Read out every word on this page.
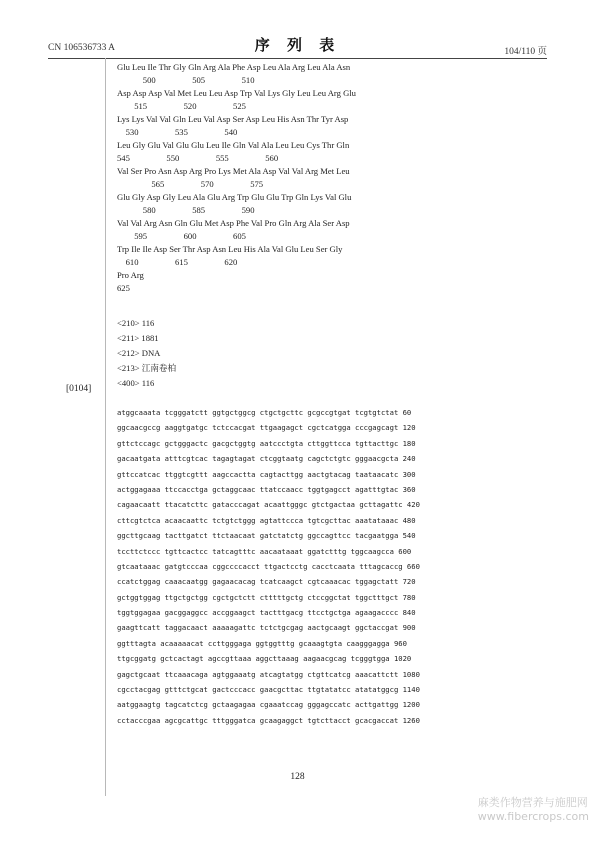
CN 106536733 A	序 列 表	104/110 页
[0104]
Glu Leu Ile Thr Gly Gln Arg Ala Phe Asp Leu Ala Arg Leu Ala Asn
500                 505                 510
Asp Asp Asp Val Met Leu Leu Asp Trp Val Lys Gly Leu Leu Arg Glu
515                 520                 525
Lys Lys Val Val Gln Leu Val Asp Ser Asp Leu His Asn Thr Tyr Asp
530                 535                 540
Leu Gly Glu Val Glu Glu Leu Ile Gln Val Ala Leu Leu Cys Thr Gln
545                 550                 555                 560
Val Ser Pro Asn Asp Arg Pro Lys Met Ala Asp Val Val Arg Met Leu
565                 570                 575
Glu Gly Asp Gly Leu Ala Glu Arg Trp Glu Glu Trp Gln Lys Val Glu
580                 585                 590
Val Val Arg Asn Gln Glu Met Asp Phe Val Pro Gln Arg Ala Ser Asp
595                 600                 605
Trp Ile Ile Asp Ser Thr Asp Asn Leu His Ala Val Glu Leu Ser Gly
610                 615                 620
Pro Arg
625
<210> 116
<211> 1881
<212> DNA
<213> 江南卷柏
<400> 116
atggcaaata tcgggatctt ggtgctggcg ctgctgcttc gcgccgtgat tcgtgtctat 60
ggcaacgccg aaggtgatgc tctccacgat ttgaagagct cgctcatgga cccgagcagt 120
gttctccagc gctgggactc gacgctggtg aatccctgta cttggttcca tgttacttgc 180
gacaatgata atttcgtcac tagagtagat ctcggtaatg cagctctgtc gggaacgcta 240
gttccatcac ttggtcgttt aagccactta cagtacttgg aactgtacag taataacatc 300
actggagaaa ttccacctga gctaggcaac ttatccaacc tggtgagcct agatttgtac 360
cagaacaatt ttacatcttc gatacccagat acaattgggc gtctgactaa gcttagattc 420
cttcgtctca acaacaattc tctgtctggg agtattccca tgtcgcttac aaatataaac 480
ggcttgcaag tacttgatct ttctaacaat gatctatctg ggccagttcc tacgaatgga 540
tccttctccc tgttcactcc tatcagtttc aacaataaat ggatctttg tggcaagcca 600
gtcaataaac gatgtcccaa cggccccacct ttgactcctg cacctcaata tttagcaccg 660
ccatctggag caaacaatgg gagaacacag tcatcaagct cgtcaaacac tggagctatt 720
gctggtggag ttgctgctgg cgctgctctt ctttttgctg ctccggctat tggctttgct 780
tggtggagaa gacggaggcc accggaagct tactttgacg ttcctgctga agaagacccc 840
gaagttcatt taggacaact aaaaagattc tctctgcgag aactgcaagt ggctaccgat 900
ggtttagta acaaaaacat ccttgggaga ggtggtttg gcaaagtgta caagggagga 960
ttgcggatg gctcactagt agccgttaaa aggcttaaag aagaacgcag tcgggtgga 1020
gagctgcaat ttcaaacaga agtggaaatg atcagtatgg ctgttcatcg aaacattctt 1080
cgcctacgag gtttctgcat gactcccacc gaacgcttac ttgtatatcc atatatggcg 1140
aatggaagtg tagcatctcg gctaagagaa cgaaatccag gggagccatc acttgattgg 1200
cctacccgaa agcgcattgc tttgggatca gcaagaggct tgtcttacct gcacgaccat 1260
128
麻类作物营养与施肥网
www.fibercrops.com
